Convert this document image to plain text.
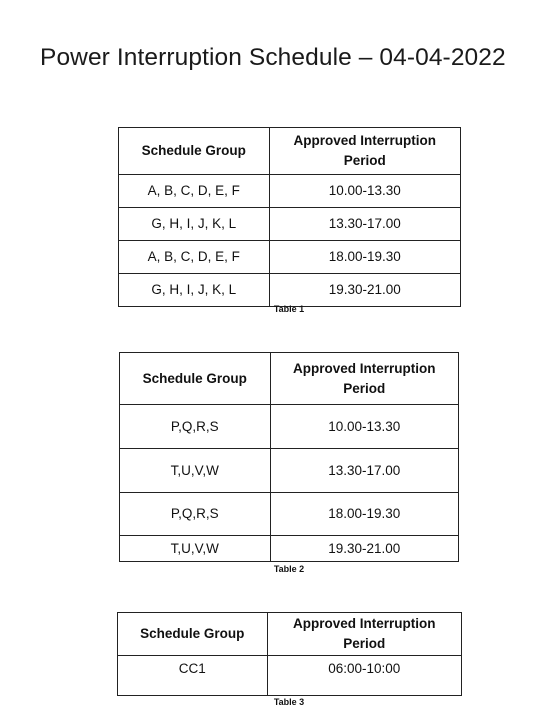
Power Interruption Schedule – 04-04-2022
Schedule Group	Approved Interruption Period
A, B, C, D, E, F	10.00-13.30
G, H, I, J, K, L	13.30-17.00
A, B, C, D, E, F	18.00-19.30
G, H, I, J, K, L	19.30-21.00
Table 1
Schedule Group	Approved Interruption Period
P,Q,R,S	10.00-13.30
T,U,V,W	13.30-17.00
P,Q,R,S	18.00-19.30
T,U,V,W	19.30-21.00
Table 2
Schedule Group	Approved Interruption Period
CC1	06:00-10:00
Table 3
